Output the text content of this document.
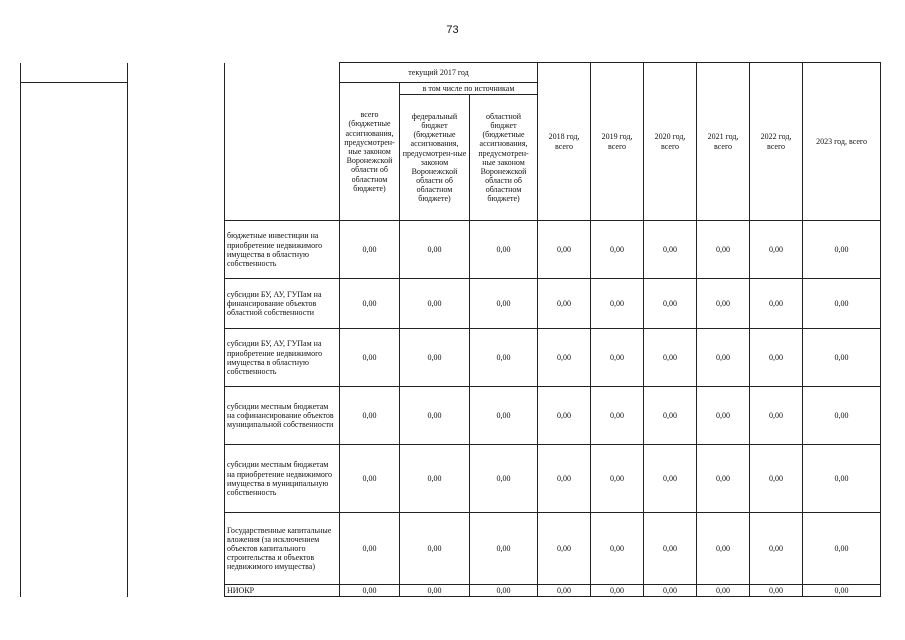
73
			текущий 2017 год			2018 год, всего	2019 год, всего	2020 год, всего	2021 год, всего	2022 год, всего	2023 год, всего
			всего (бюджетные ассигнования, предусмотрен-ные законом Воронежской области об областном бюджете)	в том числе по источникам							
				федеральный бюджет (бюджетные ассигнования, предусмотрен-ные законом Воронежской области об областном бюджете)	областной бюджет (бюджетные ассигнования, предусмотрен-ные законом Воронежской области об областном бюджете)						
		бюджетные инвестиции на приобретение недвижимого имущества в областную собственность	0,00	0,00	0,00	0,00	0,00	0,00	0,00	0,00	0,00
		субсидии БУ, АУ, ГУПам на финансирование объектов областной собственности	0,00	0,00	0,00	0,00	0,00	0,00	0,00	0,00	0,00
		субсидии БУ, АУ, ГУПам на приобретение недвижимого имущества в областную собственность	0,00	0,00	0,00	0,00	0,00	0,00	0,00	0,00	0,00
		субсидии местным бюджетам на софинансирование объектов муниципальной собственности	0,00	0,00	0,00	0,00	0,00	0,00	0,00	0,00	0,00
		субсидии местным бюджетам на приобретение недвижимого имущества в муниципальную собственность	0,00	0,00	0,00	0,00	0,00	0,00	0,00	0,00	0,00
		Государственные капитальные вложения (за исключением объектов капитального строительства и объектов недвижимого имущества)	0,00	0,00	0,00	0,00	0,00	0,00	0,00	0,00	0,00
		НИОКР	0,00	0,00	0,00	0,00	0,00	0,00	0,00	0,00	0,00
